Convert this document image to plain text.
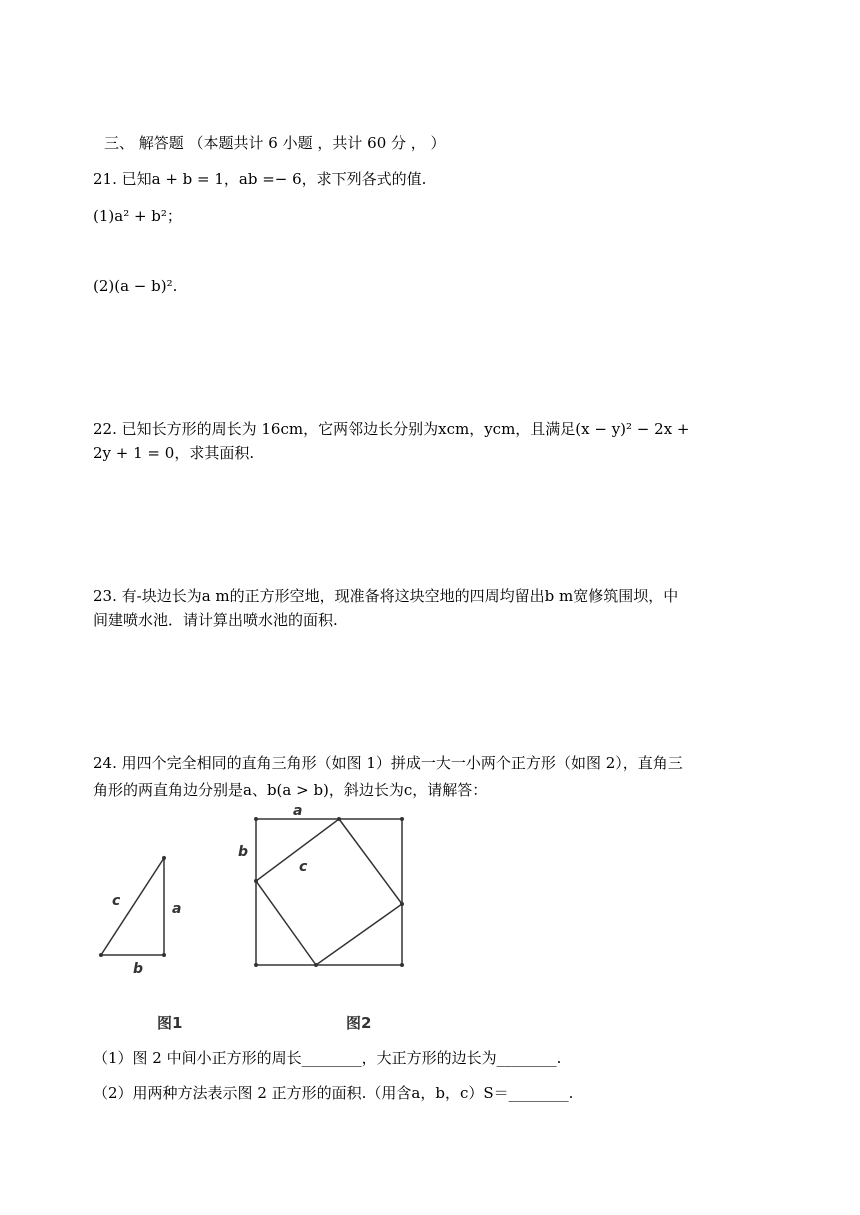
三、 解答题 （本题共计 6 小题 ，共计 60 分 ， ）
21. 已知a + b = 1，ab =− 6，求下列各式的值.
(1)a² + b²；
(2)(a − b)².
22. 已知长方形的周长为 16cm，它两邻边长分别为xcm，ycm，且满足(x − y)² − 2x +
2y + 1 = 0，求其面积.
23. 有-块边长为a m的正方形空地，现准备将这块空地的四周均留出b m宽修筑围坝，中
间建喷水池．请计算出喷水池的面积.
24. 用四个完全相同的直角三角形（如图 1）拼成一大一小两个正方形（如图 2），直角三
角形的两直角边分别是a、b(a > b)，斜边长为c，请解答：
c	a
b
a
b
c
图1	图2
（1）图 2 中间小正方形的周长________，大正方形的边长为________.
（2）用两种方法表示图 2 正方形的面积.（用含a，b，c）S＝________.
